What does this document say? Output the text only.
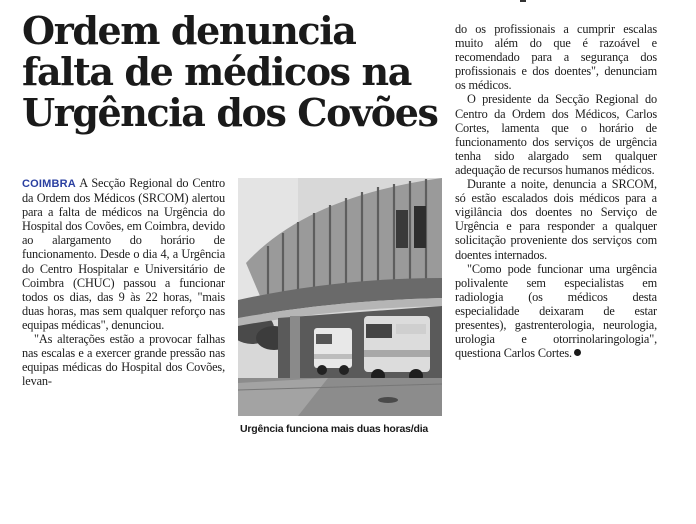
Ordem denuncia falta de médicos na Urgência dos Covões

COIMBRA A Secção Regional do Centro da Ordem dos Médicos (SRCOM) alertou para a falta de médicos na Urgência do Hospital dos Covões, em Coimbra, devido ao alargamento do horário de funcionamento. Desde o dia 4, a Urgência do Centro Hospitalar e Universitário de Coimbra (CHUC) passou a funcionar todos os dias, das 9 às 22 horas, "mais duas horas, mas sem qualquer reforço nas equipas médicas", denunciou.

"As alterações estão a provocar falhas nas escalas e a exercer grande pressão nas equipas médicas do Hospital dos Covões, levan-

Urgência funciona mais duas horas/dia

do os profissionais a cumprir escalas muito além do que é razoável e recomendado para a segurança dos profissionais e dos doentes", denunciam os médicos.

O presidente da Secção Regional do Centro da Ordem dos Médicos, Carlos Cortes, lamenta que o horário de funcionamento dos serviços de urgência tenha sido alargado sem qualquer adequação de recursos humanos médicos.

Durante a noite, denuncia a SRCOM, só estão escalados dois médicos para a vigilância dos doentes no Serviço de Urgência e para responder a qualquer solicitação proveniente dos serviços com doentes internados.

"Como pode funcionar uma urgência polivalente sem especialistas em radiologia (os médicos desta especialidade deixaram de estar presentes), gastrenterologia, neurologia, urologia e otorrinolaringologia", questiona Carlos Cortes.
